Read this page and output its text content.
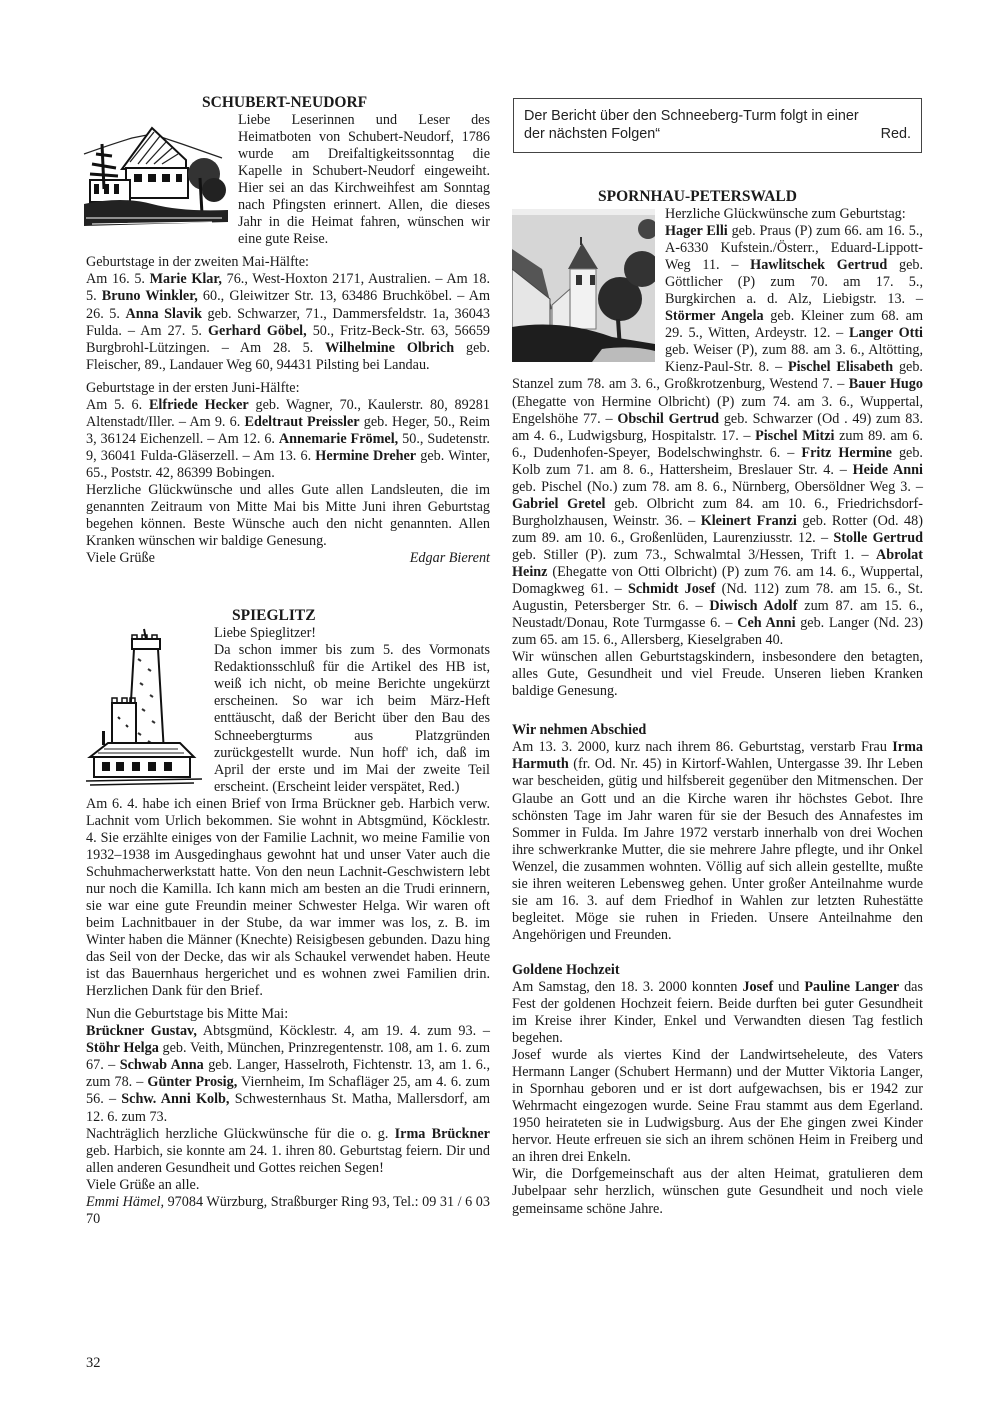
SCHUBERT-NEUDORF

Liebe Leserinnen und Leser des Heimatboten von Schubert-Neudorf, 1786 wurde am Dreifaltigkeitssonntag die Kapelle in Schubert-Neudorf eingeweiht. Hier sei an das Kirchweihfest am Sonntag nach Pfingsten erinnert. Allen, die dieses Jahr in die Heimat fahren, wünschen wir eine gute Reise.

Geburtstage in der zweiten Mai-Hälfte:

Am 16. 5. Marie Klar, 76., West-Hoxton 2171, Australien. – Am 18. 5. Bruno Winkler, 60., Gleiwitzer Str. 13, 63486 Bruchköbel. – Am 26. 5. Anna Slavik geb. Schwarzer, 71., Dammersfeldstr. 1a, 36043 Fulda. – Am 27. 5. Gerhard Göbel, 50., Fritz-Beck-Str. 63, 56659 Burgbrohl-Lützingen. – Am 28. 5. Wilhelmine Olbrich geb. Fleischer, 89., Landauer Weg 60, 94431 Pilsting bei Landau.

Geburtstage in der ersten Juni-Hälfte:

Am 5. 6. Elfriede Hecker geb. Wagner, 70., Kaulerstr. 80, 89281 Altenstadt/Iller. – Am 9. 6. Edeltraut Preissler geb. Heger, 50., Reim 3, 36124 Eichenzell. – Am 12. 6. Annemarie Frömel, 50., Sudetenstr. 9, 36041 Fulda-Gläserzell. – Am 13. 6. Hermine Dreher geb. Winter, 65., Poststr. 42, 86399 Bobingen.

Herzliche Glückwünsche und alles Gute allen Landsleuten, die im genannten Zeitraum von Mitte Mai bis Mitte Juni ihren Geburtstag begehen können. Beste Wünsche auch den nicht genannten. Allen Kranken wünschen wir baldige Genesung.

Viele Grüße	Edgar Bierent
SPIEGLITZ

Liebe Spieglitzer!

Da schon immer bis zum 5. des Vormonats Redaktionsschluß für die Artikel des HB ist, weiß ich nicht, ob meine Berichte ungekürzt erscheinen. So war ich beim März-Heft enttäuscht, daß der Bericht über den Bau des Schneebergturms aus Platzgründen zurückgestellt wurde. Nun hoff' ich, daß im April der erste und im Mai der zweite Teil erscheint. (Erscheint leider verspätet, Red.)

Am 6. 4. habe ich einen Brief von Irma Brückner geb. Harbich verw. Lachnit vom Urlich bekommen. Sie wohnt in Abtsgmünd, Köcklestr. 4. Sie erzählte einiges von der Familie Lachnit, wo meine Familie von 1932–1938 im Ausgedinghaus gewohnt hat und unser Vater auch die Schuhmacherwerkstatt hatte. Von den neun Lachnit-Geschwistern lebt nur noch die Kamilla. Ich kann mich am besten an die Trudi erinnern, sie war eine gute Freundin meiner Schwester Helga. Wir waren oft beim Lachnitbauer in der Stube, da war immer was los, z. B. im Winter haben die Männer (Knechte) Reisigbesen gebunden. Dazu hing das Seil von der Decke, das wir als Schaukel verwendet haben. Heute ist das Bauernhaus hergerichet und es wohnen zwei Familien drin. Herzlichen Dank für den Brief.

Nun die Geburtstage bis Mitte Mai:

Brückner Gustav, Abtsgmünd, Köcklestr. 4, am 19. 4. zum 93. – Stöhr Helga geb. Veith, München, Prinzregentenstr. 108, am 1. 6. zum 67. – Schwab Anna geb. Langer, Hasselroth, Fichtenstr. 13, am 1. 6., zum 78. – Günter Prosig, Viernheim, Im Schafläger 25, am 4. 6. zum 56. – Schw. Anni Kolb, Schwesternhaus St. Matha, Mallersdorf, am 12. 6. zum 73.

Nachträglich herzliche Glückwünsche für die o. g. Irma Brückner geb. Harbich, sie konnte am 24. 1. ihren 80. Geburtstag feiern. Dir und allen anderen Gesundheit und Gottes reichen Segen!

Viele Grüße an alle.

Emmi Hämel, 97084 Würzburg, Straßburger Ring 93, Tel.: 09 31 / 6 03 70

Der Bericht über den Schneeberg-Turm folgt in einer
der nächsten Folgen“	Red.
SPORNHAU-PETERSWALD

Herzliche Glückwünsche zum Geburtstag:

Hager Elli geb. Praus (P) zum 66. am 16. 5., A-6330 Kufstein./Österr., Eduard-Lippott-Weg 11. – Hawlitschek Gertrud geb. Göttlicher (P) zum 70. am 17. 5., Burgkirchen a. d. Alz, Liebigstr. 13. – Störmer Angela geb. Kleiner zum 68. am 29. 5., Witten, Ardeystr. 12. – Langer Otti geb. Weiser (P), zum 88. am 3. 6., Altötting, Kienz-Paul-Str. 8. – Pischel Elisabeth geb. Stanzel zum 78. am 3. 6., Großkrotzenburg, Westend 7. – Bauer Hugo (Ehegatte von Hermine Olbricht) (P) zum 74. am 3. 6., Wuppertal, Engelshöhe 77. – Obschil Gertrud geb. Schwarzer (Od . 49) zum 83. am 4. 6., Ludwigsburg, Hospitalstr. 17. – Pischel Mitzi zum 89. am 6. 6., Dudenhofen-Speyer, Bodelschwinghstr. 6. – Fritz Hermine geb. Kolb zum 71. am 8. 6., Hattersheim, Breslauer Str. 4. – Heide Anni geb. Pischel (No.) zum 78. am 8. 6., Nürnberg, Obersöldner Weg 3. – Gabriel Gretel geb. Olbricht zum 84. am 10. 6., Friedrichsdorf-Burgholzhausen, Weinstr. 36. – Kleinert Franzi geb. Rotter (Od. 48) zum 89. am 10. 6., Großenlüden, Laurenziusstr. 12. – Stolle Gertrud geb. Stiller (P). zum 73., Schwalmtal 3/Hessen, Trift 1. – Abrolat Heinz (Ehegatte von Otti Olbricht) (P) zum 76. am 14. 6., Wuppertal, Domagkweg 61. – Schmidt Josef (Nd. 112) zum 78. am 15. 6., St. Augustin, Petersberger Str. 6. – Diwisch Adolf zum 87. am 15. 6., Neustadt/Donau, Rote Turmgasse 6. – Ceh Anni geb. Langer (Nd. 23) zum 65. am 15. 6., Allersberg, Kieselgraben 40.

Wir wünschen allen Geburtstagskindern, insbesondere den betagten, alles Gute, Gesundheit und viel Freude. Unseren lieben Kranken baldige Genesung.

Wir nehmen Abschied

Am 13. 3. 2000, kurz nach ihrem 86. Geburtstag, verstarb Frau Irma Harmuth (fr. Od. Nr. 45) in Kirtorf-Wahlen, Untergasse 39. Ihr Leben war bescheiden, gütig und hilfsbereit gegenüber den Mitmenschen. Der Glaube an Gott und an die Kirche waren ihr höchstes Gebot. Ihre schönsten Tage im Jahr waren für sie der Besuch des Annafestes im Sommer in Fulda. Im Jahre 1972 verstarb innerhalb von drei Wochen ihre schwerkranke Mutter, die sie mehrere Jahre pflegte, und ihr Onkel Wenzel, die zusammen wohnten. Völlig auf sich allein gestellte, mußte sie ihren weiteren Lebensweg gehen. Unter großer Anteilnahme wurde sie am 16. 3. auf dem Friedhof in Wahlen zur letzten Ruhestätte begleitet. Möge sie ruhen in Frieden. Unsere Anteilnahme den Angehörigen und Freunden.

Goldene Hochzeit

Am Samstag, den 18. 3. 2000 konnten Josef und Pauline Langer das Fest der goldenen Hochzeit feiern. Beide durften bei guter Gesundheit im Kreise ihrer Kinder, Enkel und Verwandten diesen Tag festlich begehen.

Josef wurde als viertes Kind der Landwirtseheleute, des Vaters Hermann Langer (Schubert Hermann) und der Mutter Viktoria Langer, in Spornhau geboren und er ist dort aufgewachsen, bis er 1942 zur Wehrmacht eingezogen wurde. Seine Frau stammt aus dem Egerland. 1950 heirateten sie in Ludwigsburg. Aus der Ehe gingen zwei Kinder hervor. Heute erfreuen sie sich an ihrem schönen Heim in Freiberg und an ihren drei Enkeln.

Wir, die Dorfgemeinschaft aus der alten Heimat, gratulieren dem Jubelpaar sehr herzlich, wünschen gute Gesundheit und noch viele gemeinsame schöne Jahre.

32
